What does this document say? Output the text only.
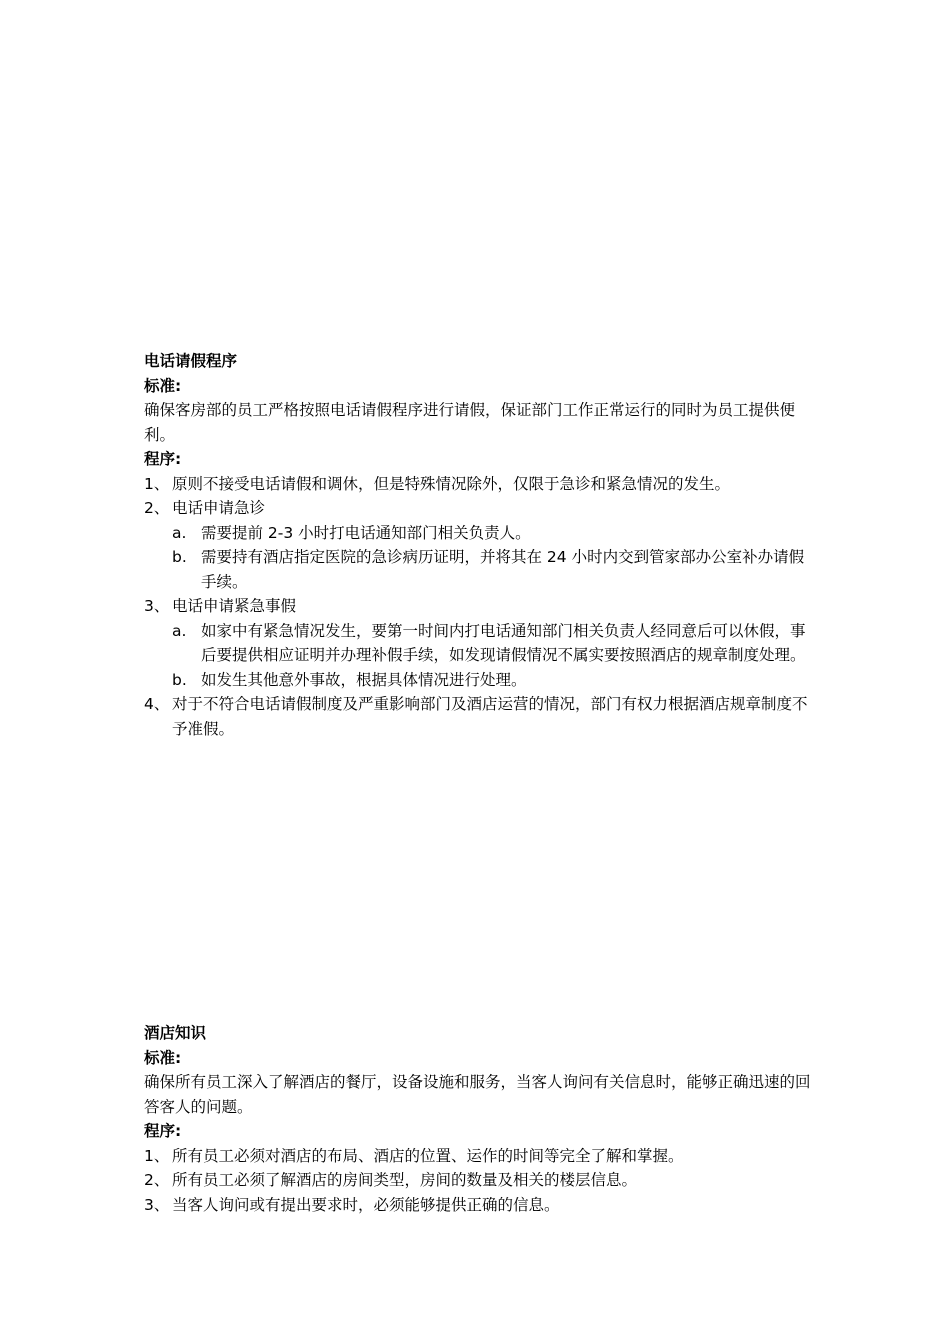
电话请假程序
标准:

确保客房部的员工严格按照电话请假程序进行请假，保证部门工作正常运行的同时为员工提供便利。

程序:
1、 原则不接受电话请假和调休，但是特殊情况除外，仅限于急诊和紧急情况的发生。
2、 电话申请急诊
a. 需要提前 2-3 小时打电话通知部门相关负责人。
b. 需要持有酒店指定医院的急诊病历证明，并将其在 24 小时内交到管家部办公室补办请假手续。
3、 电话申请紧急事假
a. 如家中有紧急情况发生，要第一时间内打电话通知部门相关负责人经同意后可以休假，事后要提供相应证明并办理补假手续，如发现请假情况不属实要按照酒店的规章制度处理。
b. 如发生其他意外事故，根据具体情况进行处理。
4、 对于不符合电话请假制度及严重影响部门及酒店运营的情况，部门有权力根据酒店规章制度不予准假。
酒店知识
标准:

确保所有员工深入了解酒店的餐厅，设备设施和服务，当客人询问有关信息时，能够正确迅速的回答客人的问题。

程序:
1、 所有员工必须对酒店的布局、酒店的位置、运作的时间等完全了解和掌握。
2、 所有员工必须了解酒店的房间类型，房间的数量及相关的楼层信息。
3、 当客人询问或有提出要求时，必须能够提供正确的信息。
